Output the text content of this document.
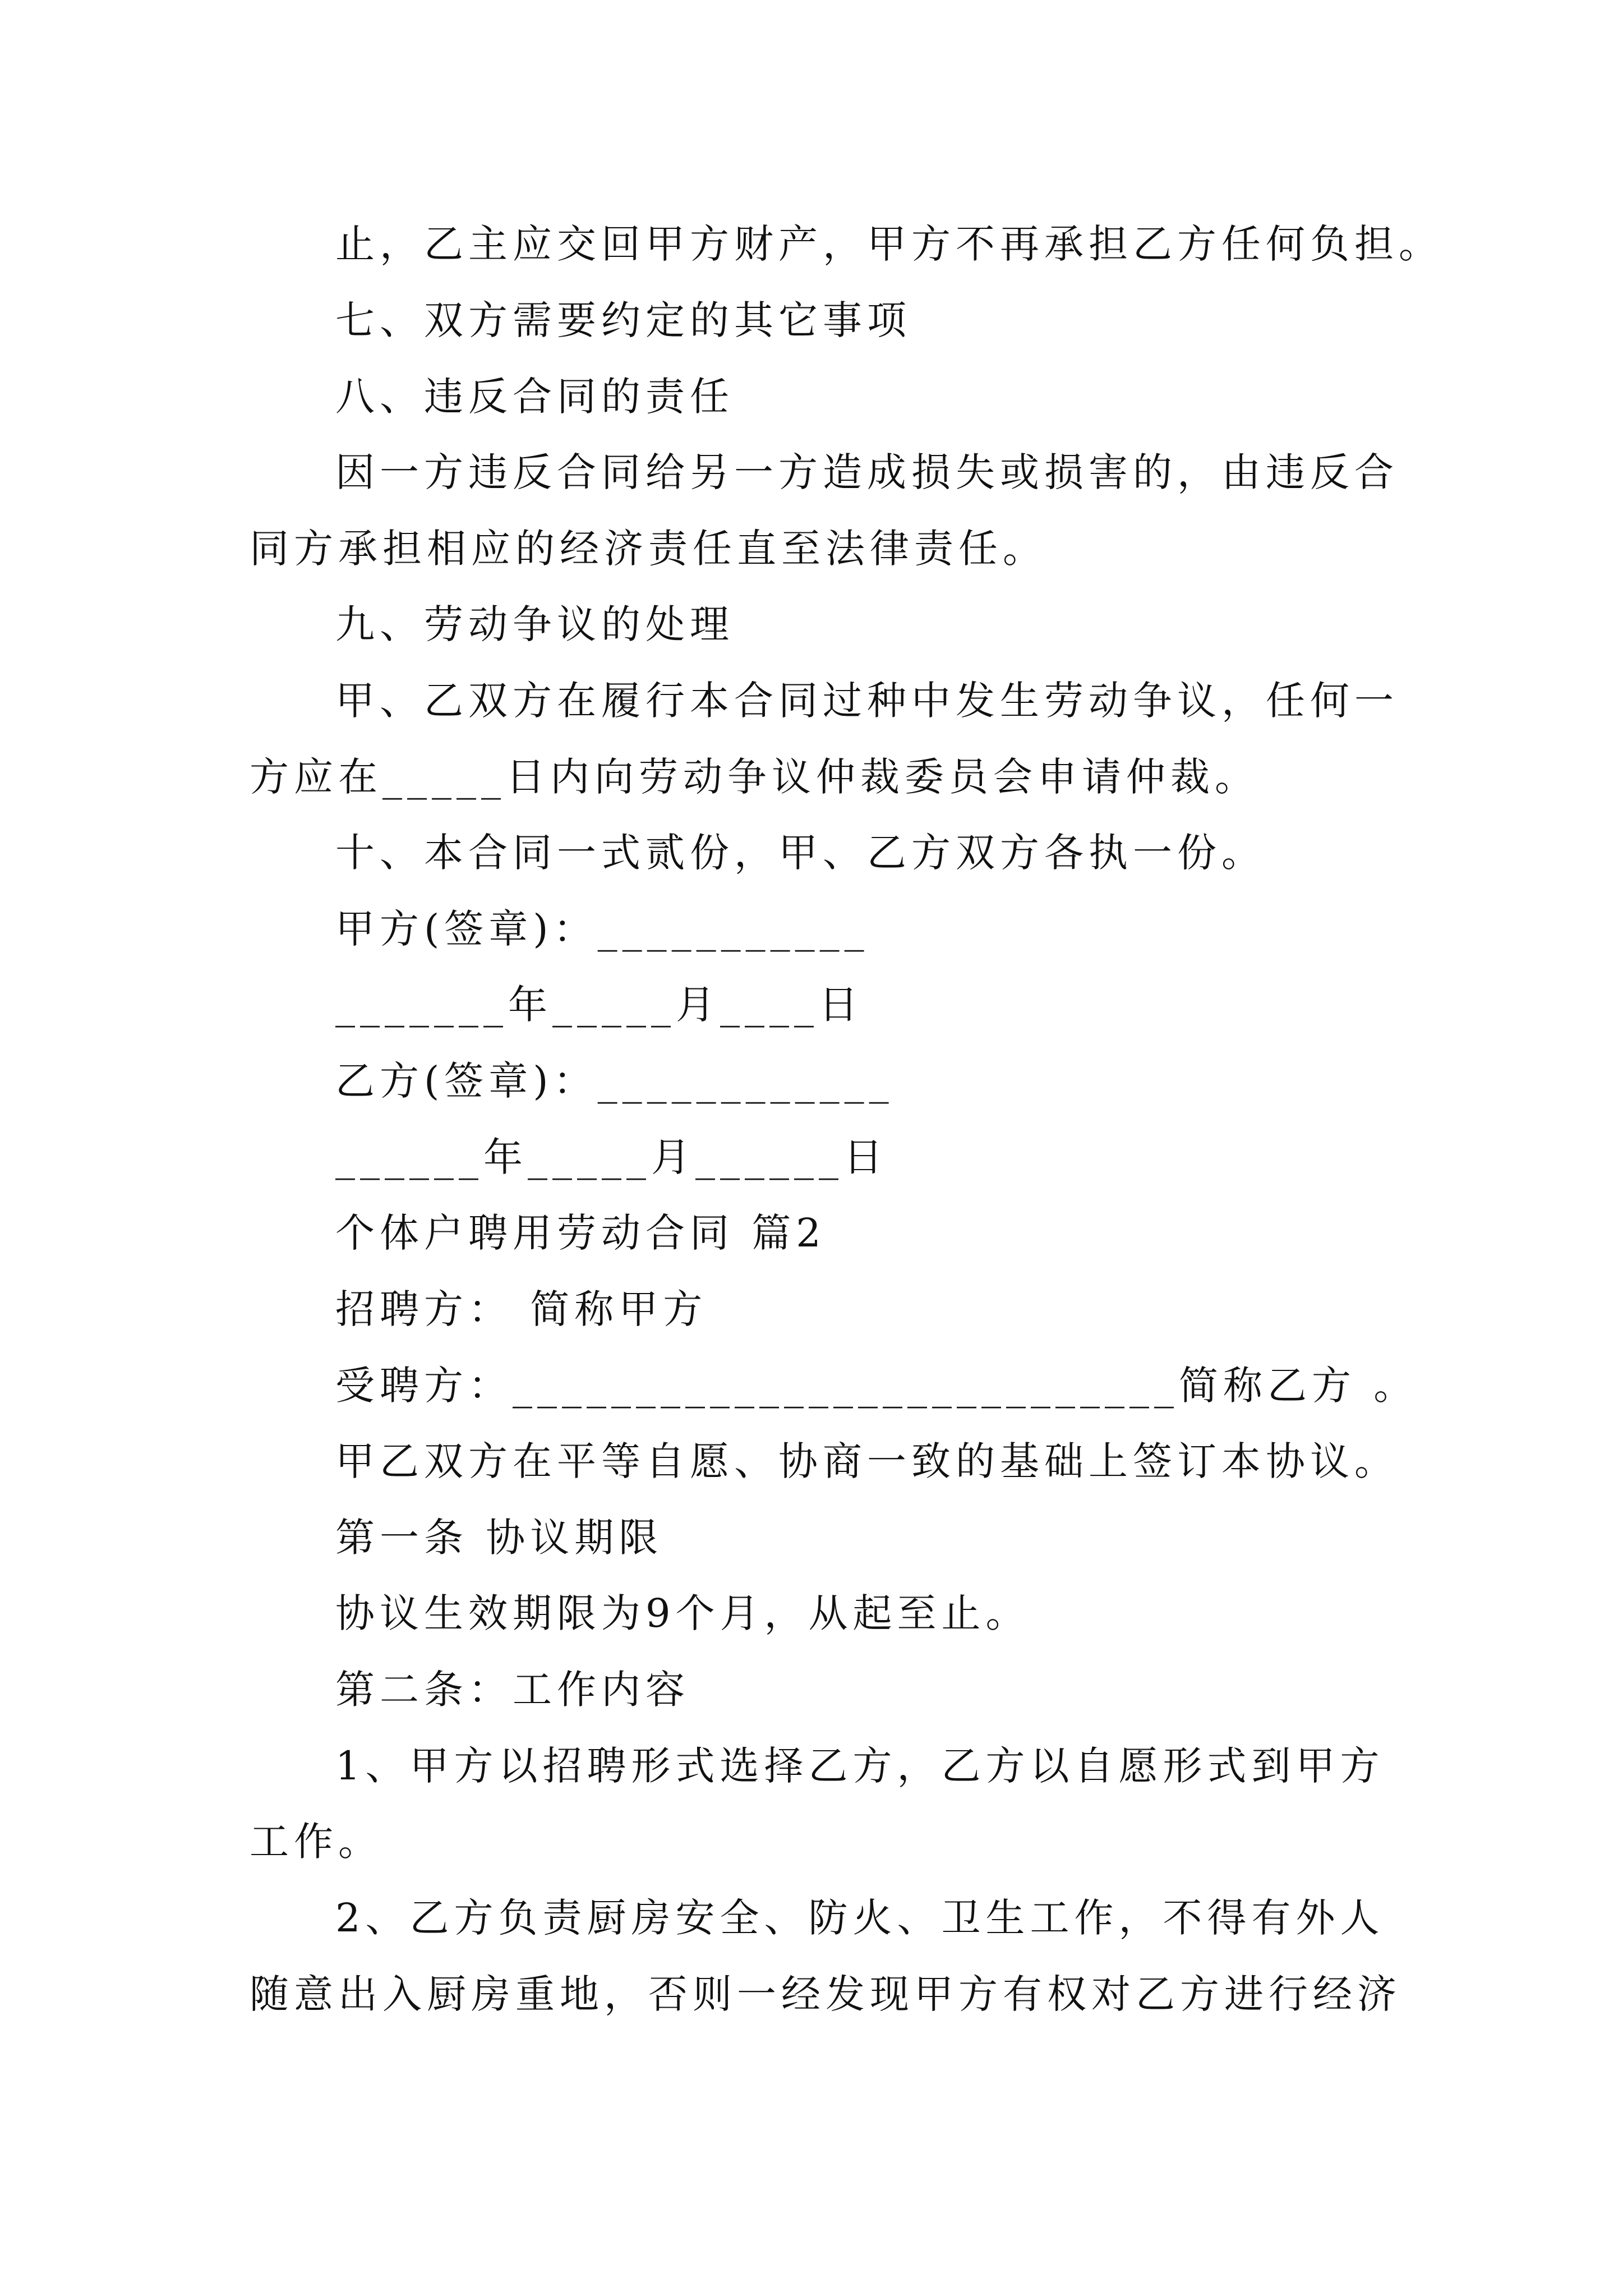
止，乙主应交回甲方财产，甲方不再承担乙方任何负担。
七、双方需要约定的其它事项
八、违反合同的责任
因一方违反合同给另一方造成损失或损害的，由违反合
同方承担相应的经济责任直至法律责任。
九、劳动争议的处理
甲、乙双方在履行本合同过种中发生劳动争议，任何一
方应在_____日内向劳动争议仲裁委员会申请仲裁。
十、本合同一式贰份，甲、乙方双方各执一份。
甲方(签章)：___________
_______年_____月____日
乙方(签章)：____________
______年_____月______日
个体户聘用劳动合同 篇2
招聘方： 简称甲方
受聘方：___________________________简称乙方 。
甲乙双方在平等自愿、协商一致的基础上签订本协议。
第一条 协议期限
协议生效期限为9个月，从起至止。
第二条：工作内容
1、甲方以招聘形式选择乙方，乙方以自愿形式到甲方
工作。
2、乙方负责厨房安全、防火、卫生工作，不得有外人
随意出入厨房重地，否则一经发现甲方有权对乙方进行经济
